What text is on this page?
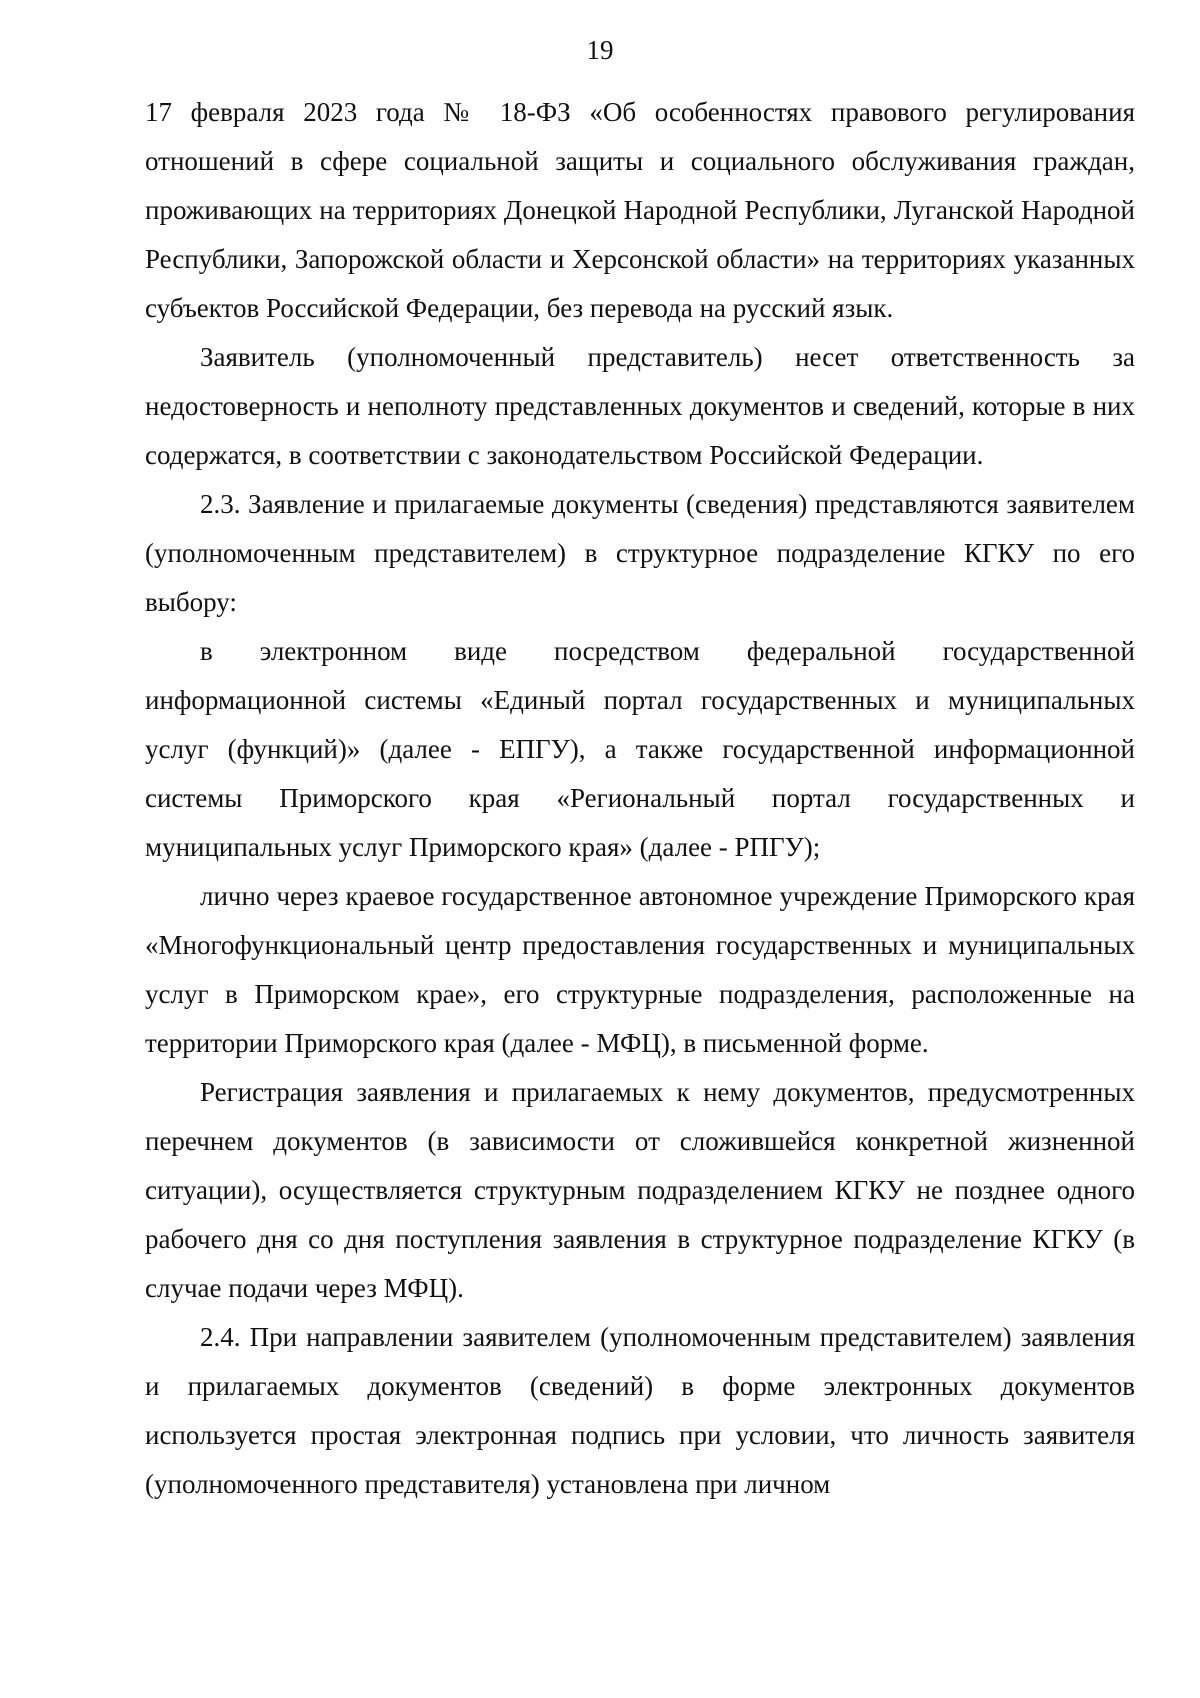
19

17 февраля 2023 года № 18-ФЗ «Об особенностях правового регулирования отношений в сфере социальной защиты и социального обслуживания граждан, проживающих на территориях Донецкой Народной Республики, Луганской Народной Республики, Запорожской области и Херсонской области» на территориях указанных субъектов Российской Федерации, без перевода на русский язык.

Заявитель (уполномоченный представитель) несет ответственность за недостоверность и неполноту представленных документов и сведений, которые в них содержатся, в соответствии с законодательством Российской Федерации.

2.3. Заявление и прилагаемые документы (сведения) представляются заявителем (уполномоченным представителем) в структурное подразделение КГКУ по его выбору:

в электронном виде посредством федеральной государственной информационной системы «Единый портал государственных и муниципальных услуг (функций)» (далее - ЕПГУ), а также государственной информационной системы Приморского края «Региональный портал государственных и муниципальных услуг Приморского края» (далее - РПГУ);

лично через краевое государственное автономное учреждение Приморского края «Многофункциональный центр предоставления государственных и муниципальных услуг в Приморском крае», его структурные подразделения, расположенные на территории Приморского края (далее - МФЦ), в письменной форме.

Регистрация заявления и прилагаемых к нему документов, предусмотренных перечнем документов (в зависимости от сложившейся конкретной жизненной ситуации), осуществляется структурным подразделением КГКУ не позднее одного рабочего дня со дня поступления заявления в структурное подразделение КГКУ (в случае подачи через МФЦ).

2.4. При направлении заявителем (уполномоченным представителем) заявления и прилагаемых документов (сведений) в форме электронных документов используется простая электронная подпись при условии, что личность заявителя (уполномоченного представителя) установлена при личном
